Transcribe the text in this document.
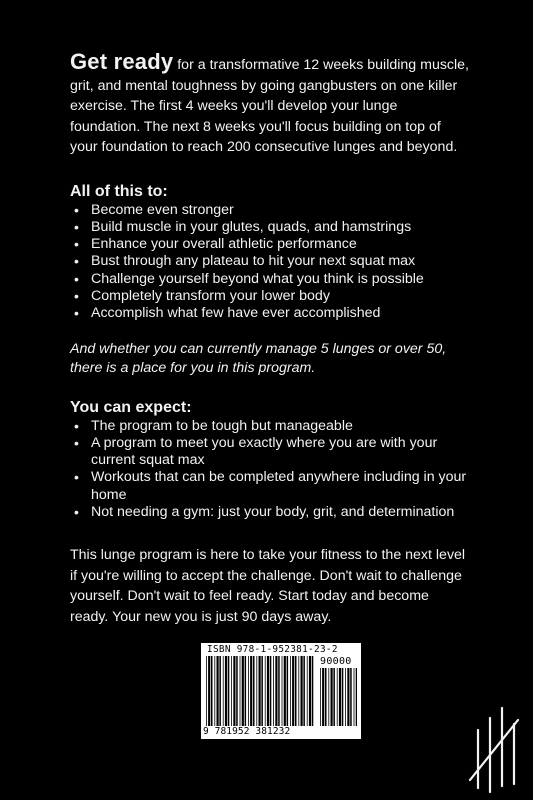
Get ready for a transformative 12 weeks building muscle, grit, and mental toughness by going gangbusters on one killer exercise. The first 4 weeks you'll develop your lunge foundation. The next 8 weeks you'll focus building on top of your foundation to reach 200 consecutive lunges and beyond.

All of this to:
• Become even stronger
• Build muscle in your glutes, quads, and hamstrings
• Enhance your overall athletic performance
• Bust through any plateau to hit your next squat max
• Challenge yourself beyond what you think is possible
• Completely transform your lower body
• Accomplish what few have ever accomplished

And whether you can currently manage 5 lunges or over 50, there is a place for you in this program.

You can expect:
• The program to be tough but manageable
• A program to meet you exactly where you are with your current squat max
• Workouts that can be completed anywhere including in your home
• Not needing a gym: just your body, grit, and determination

This lunge program is here to take your fitness to the next level if you're willing to accept the challenge. Don't wait to challenge yourself. Don't wait to feel ready. Start today and become ready. Your new you is just 90 days away.

ISBN 978-1-952381-23-2
90000
9 781952 381232
